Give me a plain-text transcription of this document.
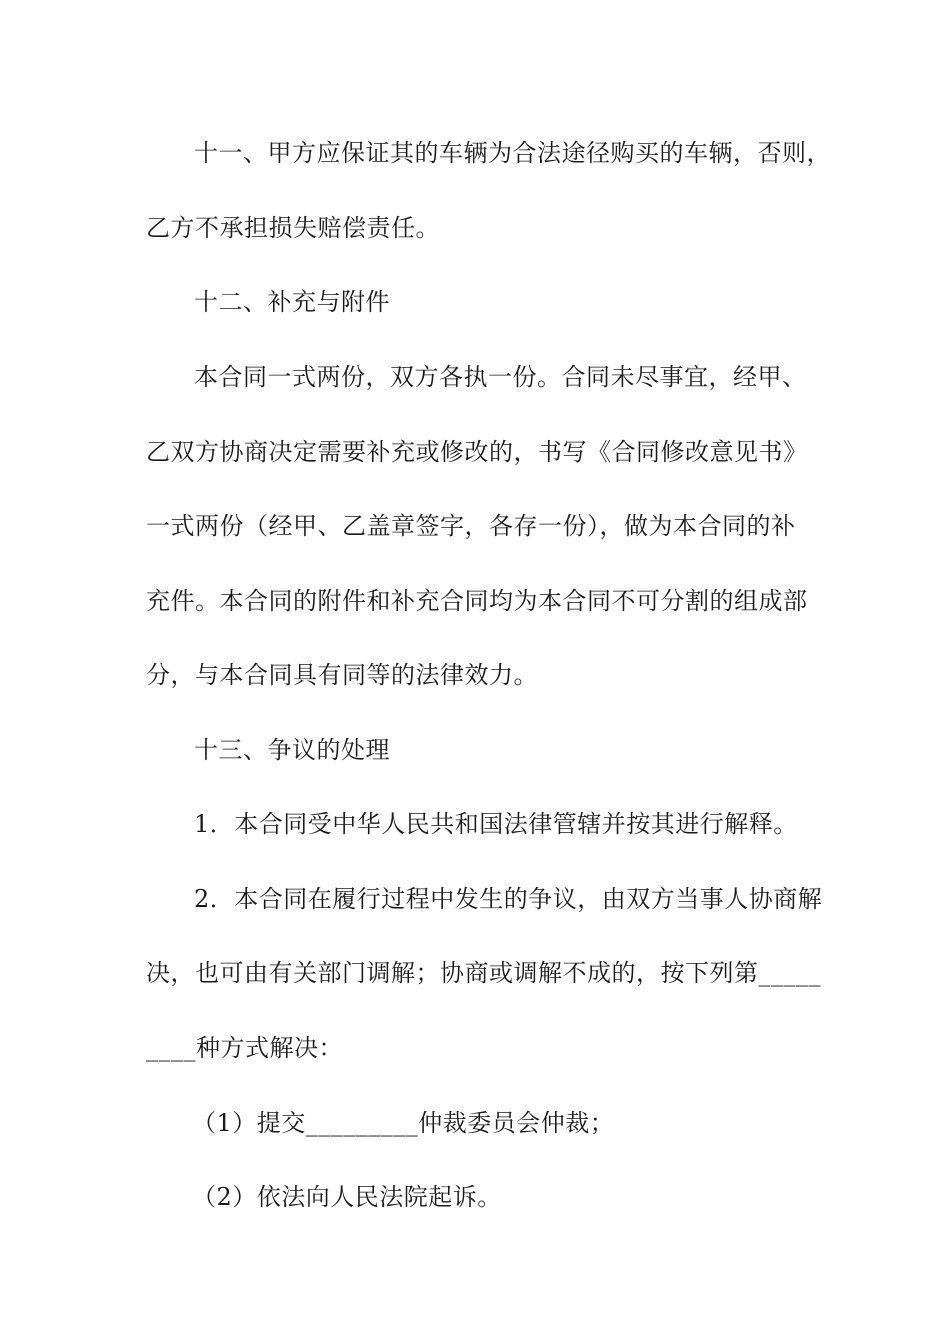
十一、甲方应保证其的车辆为合法途径购买的车辆，否则，
乙方不承担损失赔偿责任。
十二、补充与附件
本合同一式两份，双方各执一份。合同未尽事宜，经甲、
乙双方协商决定需要补充或修改的，书写《合同修改意见书》
一式两份（经甲、乙盖章签字，各存一份），做为本合同的补
充件。本合同的附件和补充合同均为本合同不可分割的组成部
分，与本合同具有同等的法律效力。
十三、争议的处理
1．本合同受中华人民共和国法律管辖并按其进行解释。
2．本合同在履行过程中发生的争议，由双方当事人协商解
决，也可由有关部门调解；协商或调解不成的，按下列第_____
____种方式解决：
（1）提交_________仲裁委员会仲裁；
（2）依法向人民法院起诉。
